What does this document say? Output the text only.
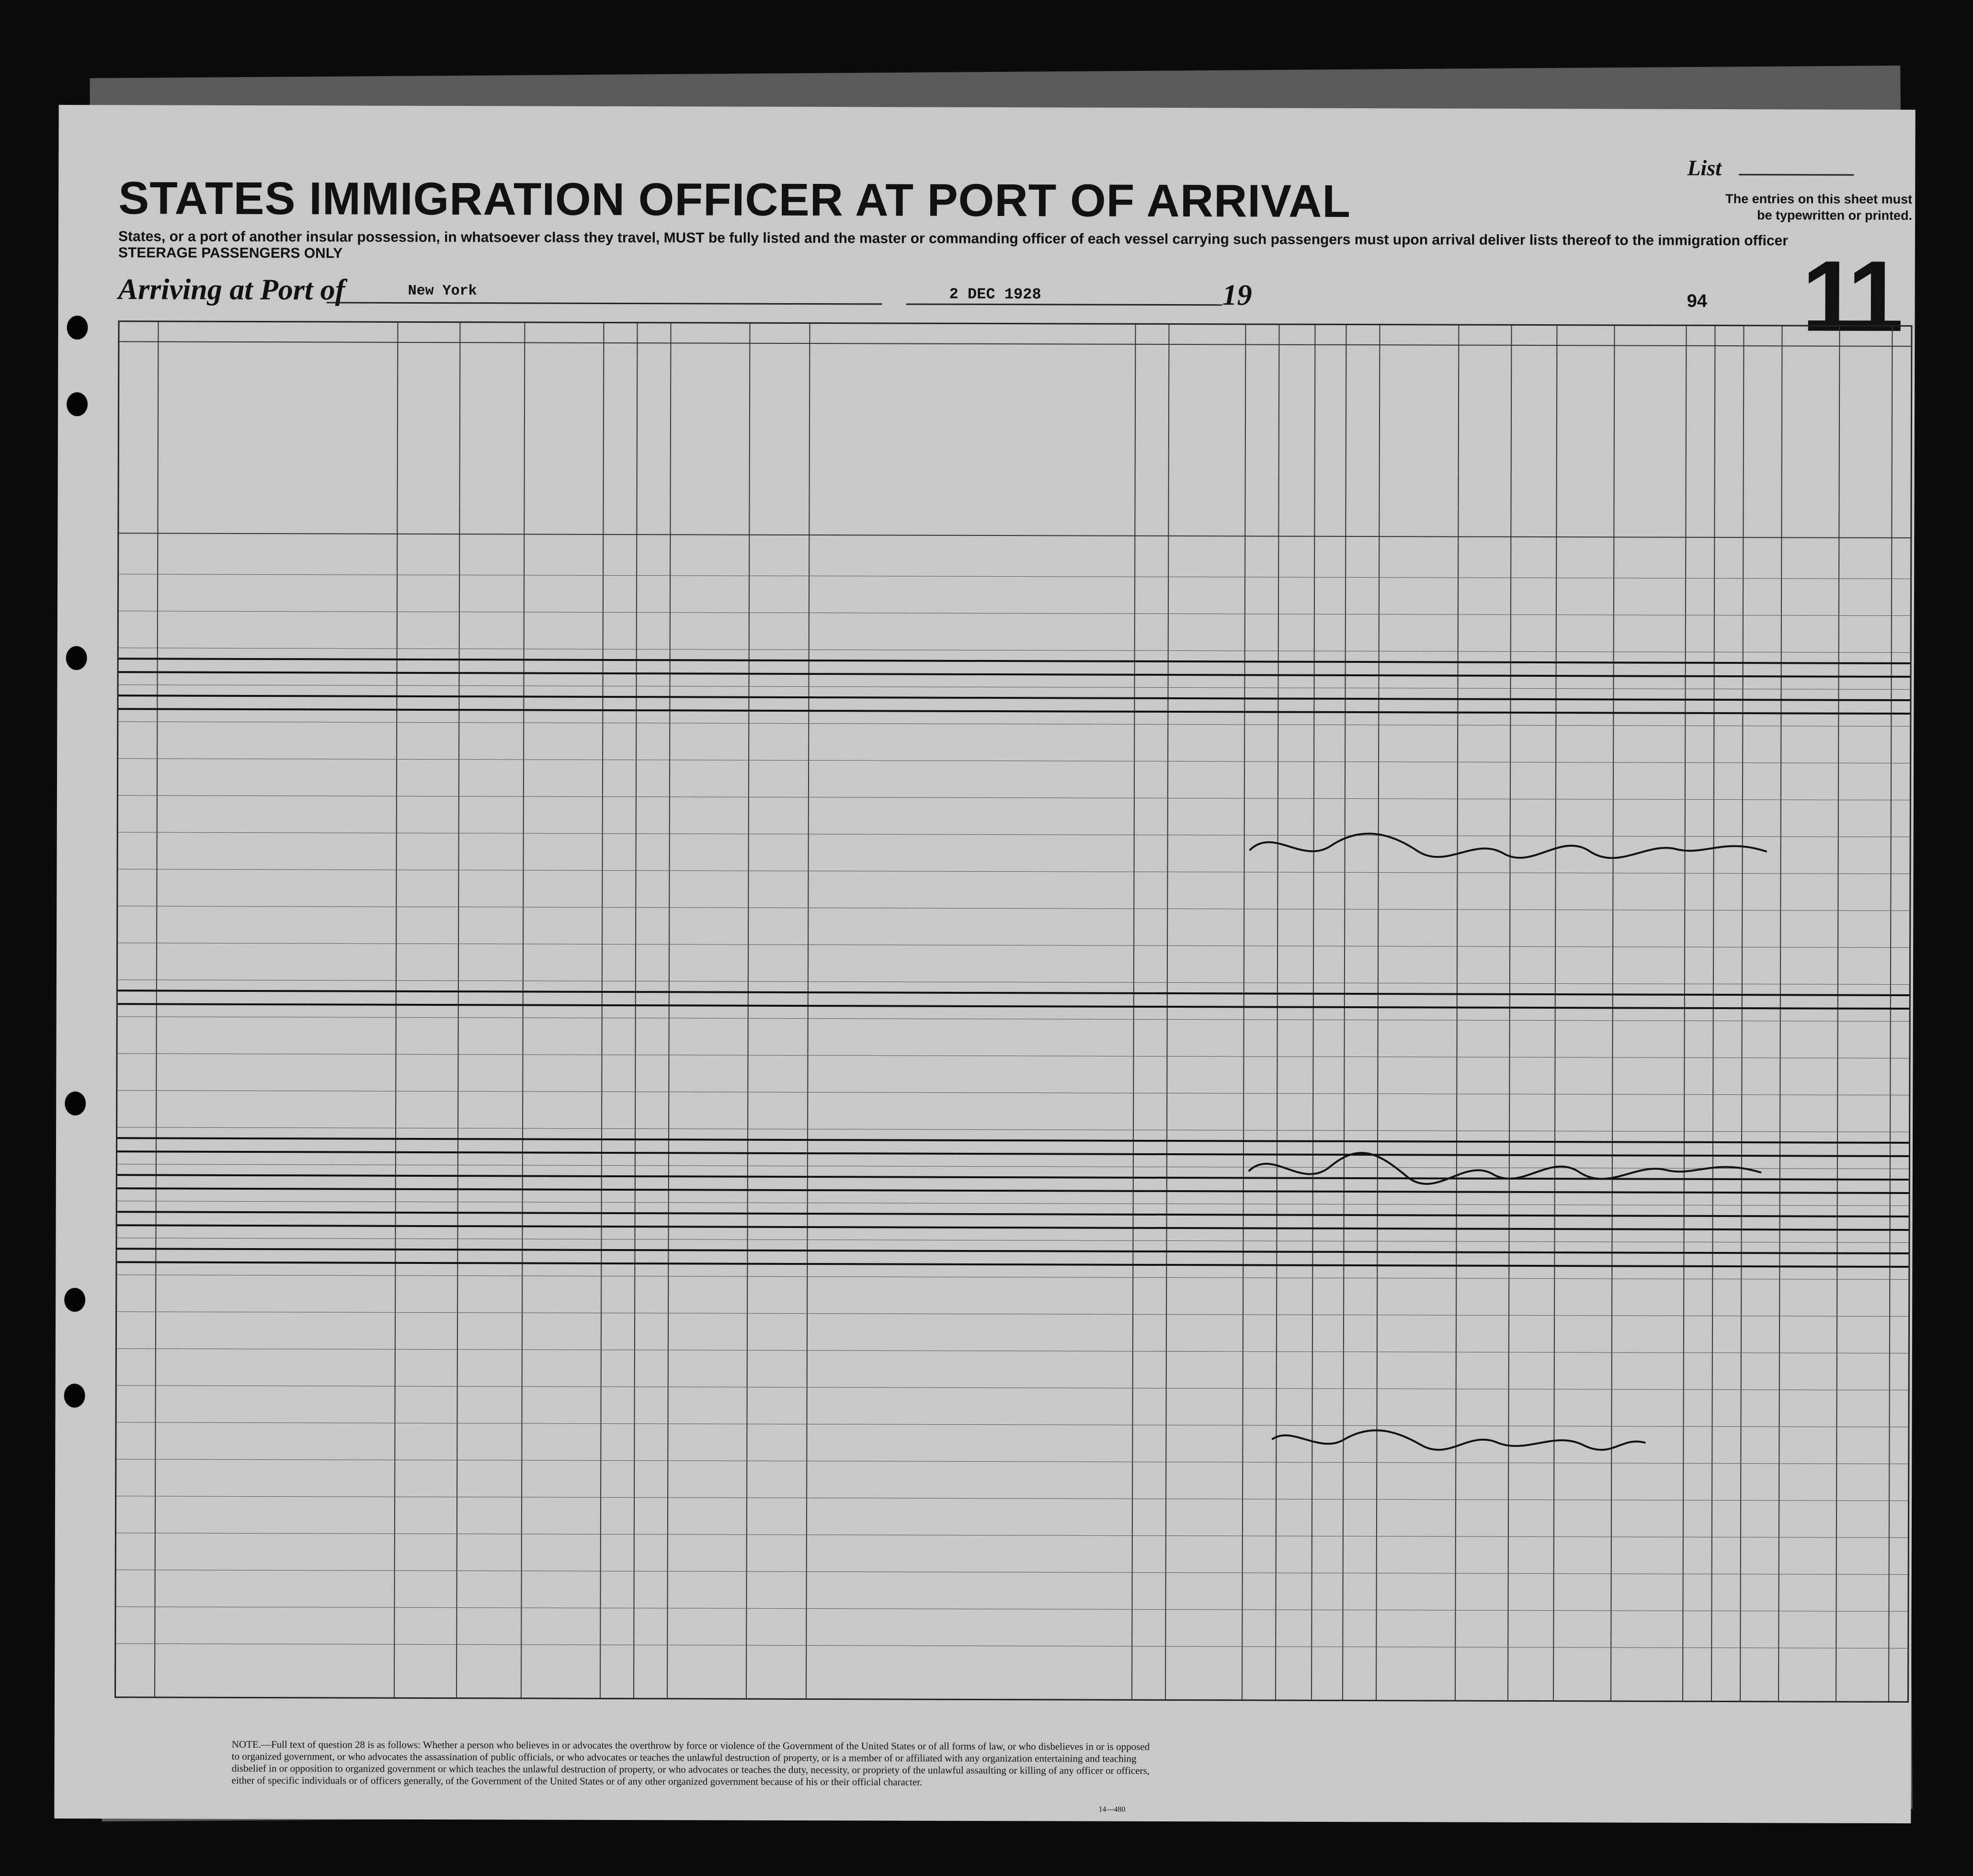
STATES IMMIGRATION OFFICER AT PORT OF ARRIVAL
States, or a port of another insular possession, in whatsoever class they travel, MUST be fully listed and the master or commanding officer of each vessel carrying such passengers must upon arrival deliver lists thereof to the immigration officer
STEERAGE PASSENGERS ONLY
List
The entries on this sheet must
be typewritten or printed.
11
Arriving at Port of	New York	2 DEC 1928	19	94
NOTE.—Full text of question 28 is as follows: Whether a person who believes in or advocates the overthrow by force or violence of the Government of the United States or of all forms of law, or who disbelieves in or is opposed to organized government, or who advocates the assassination of public officials, or who advocates or teaches the unlawful destruction of property, or is a member of or affiliated with any organization entertaining and teaching disbelief in or opposition to organized government or which teaches the unlawful destruction of property, or who advocates or teaches the duty, necessity, or propriety of the unlawful assaulting or killing of any officer or officers, either of specific individuals or of officers generally, of the Government of the United States or of any other organized government because of his or their official character.
14—480
